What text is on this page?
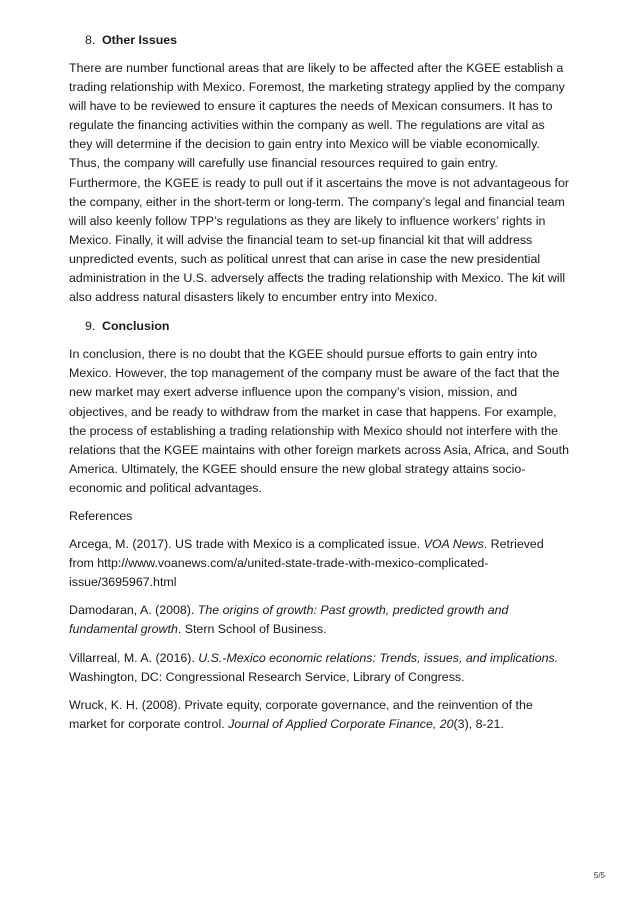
8. Other Issues

There are number functional areas that are likely to be affected after the KGEE establish a
trading relationship with Mexico. Foremost, the marketing strategy applied by the company
will have to be reviewed to ensure it captures the needs of Mexican consumers. It has to
regulate the financing activities within the company as well. The regulations are vital as
they will determine if the decision to gain entry into Mexico will be viable economically.
Thus, the company will carefully use financial resources required to gain entry.
Furthermore, the KGEE is ready to pull out if it ascertains the move is not advantageous for
the company, either in the short-term or long-term. The company’s legal and financial team
will also keenly follow TPP’s regulations as they are likely to influence workers’ rights in
Mexico. Finally, it will advise the financial team to set-up financial kit that will address
unpredicted events, such as political unrest that can arise in case the new presidential
administration in the U.S. adversely affects the trading relationship with Mexico. The kit will
also address natural disasters likely to encumber entry into Mexico.

9. Conclusion

In conclusion, there is no doubt that the KGEE should pursue efforts to gain entry into
Mexico. However, the top management of the company must be aware of the fact that the
new market may exert adverse influence upon the company’s vision, mission, and
objectives, and be ready to withdraw from the market in case that happens. For example,
the process of establishing a trading relationship with Mexico should not interfere with the
relations that the KGEE maintains with other foreign markets across Asia, Africa, and South
America. Ultimately, the KGEE should ensure the new global strategy attains socio-
economic and political advantages.

References

Arcega, M. (2017). US trade with Mexico is a complicated issue. VOA News. Retrieved
from http://www.voanews.com/a/united-state-trade-with-mexico-complicated-
issue/3695967.html

Damodaran, A. (2008). The origins of growth: Past growth, predicted growth and
fundamental growth. Stern School of Business.

Villarreal, M. A. (2016). U.S.-Mexico economic relations: Trends, issues, and implications.
Washington, DC: Congressional Research Service, Library of Congress.

Wruck, K. H. (2008). Private equity, corporate governance, and the reinvention of the
market for corporate control. Journal of Applied Corporate Finance, 20(3), 8-21.

5/5
